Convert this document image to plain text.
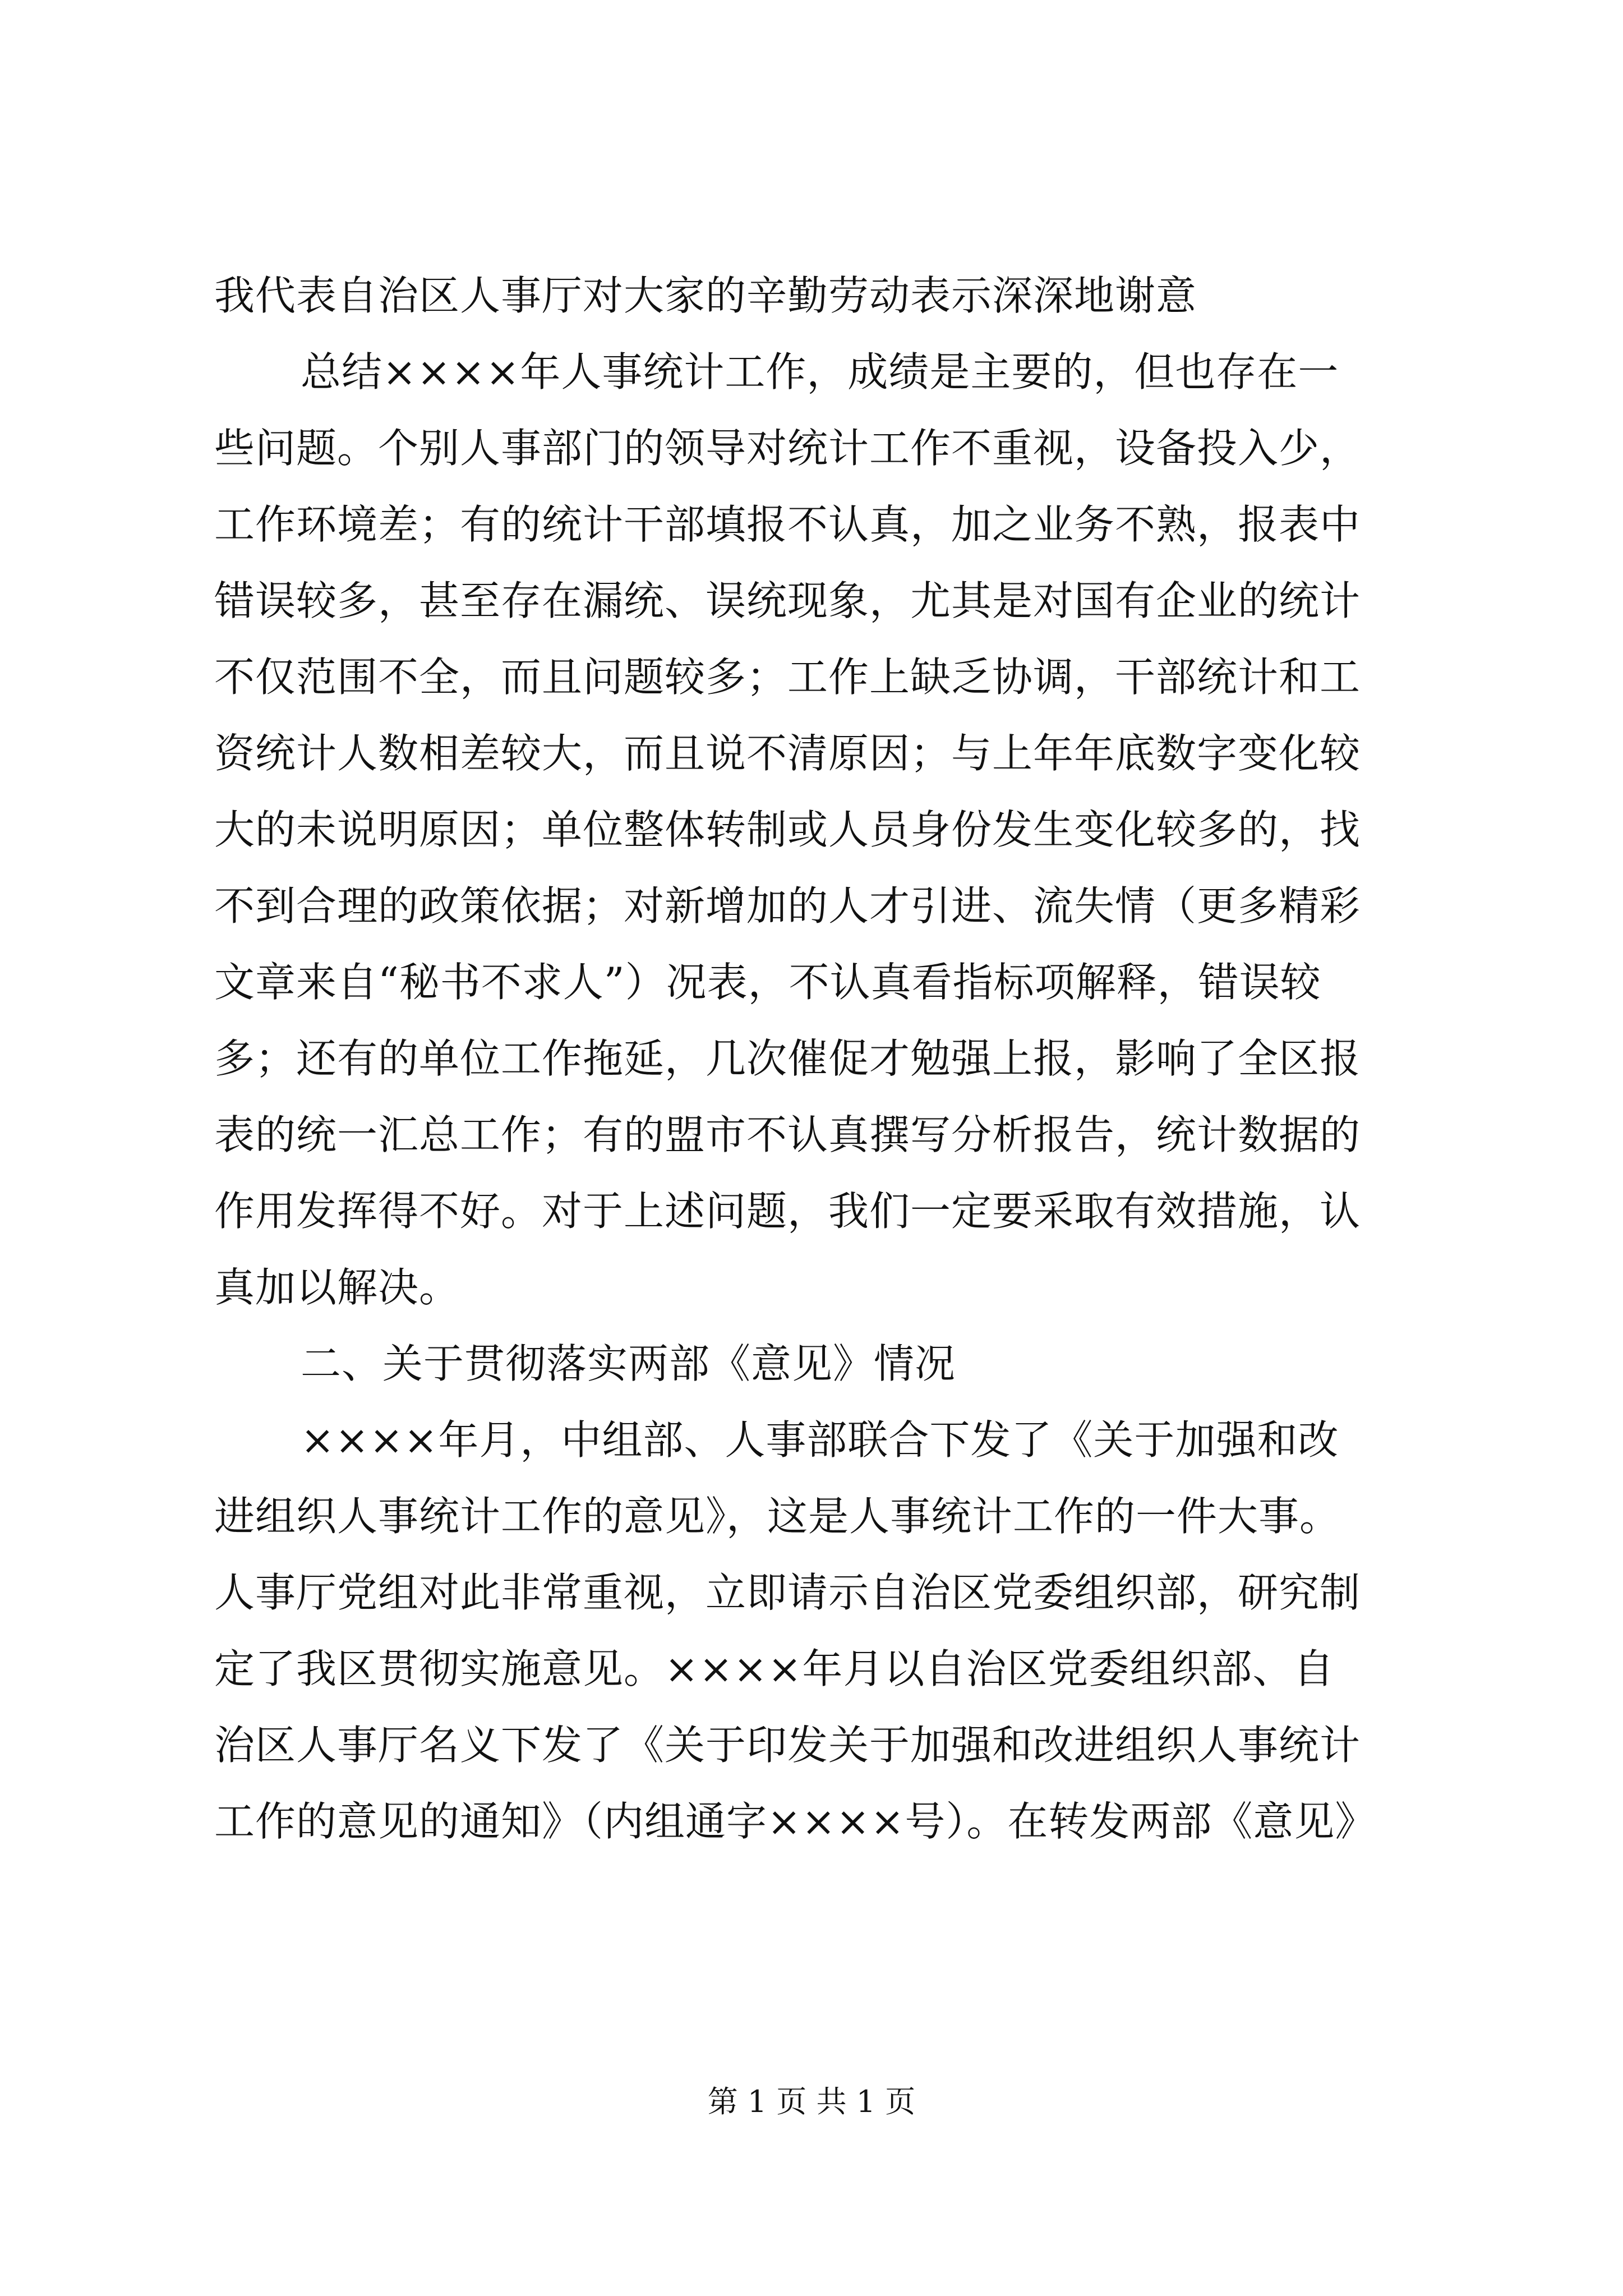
我代表自治区人事厅对大家的辛勤劳动表示深深地谢意
总结××××年人事统计工作，成绩是主要的，但也存在一
些问题。个别人事部门的领导对统计工作不重视，设备投入少，
工作环境差；有的统计干部填报不认真，加之业务不熟，报表中
错误较多，甚至存在漏统、误统现象，尤其是对国有企业的统计
不仅范围不全，而且问题较多；工作上缺乏协调，干部统计和工
资统计人数相差较大，而且说不清原因；与上年年底数字变化较
大的未说明原因；单位整体转制或人员身份发生变化较多的，找
不到合理的政策依据；对新增加的人才引进、流失情（更多精彩
文章来自“秘书不求人”）况表，不认真看指标项解释，错误较
多；还有的单位工作拖延，几次催促才勉强上报，影响了全区报
表的统一汇总工作；有的盟市不认真撰写分析报告，统计数据的
作用发挥得不好。对于上述问题，我们一定要采取有效措施，认
真加以解决。
二、关于贯彻落实两部《意见》情况
××××年月，中组部、人事部联合下发了《关于加强和改
进组织人事统计工作的意见》，这是人事统计工作的一件大事。
人事厅党组对此非常重视，立即请示自治区党委组织部，研究制
定了我区贯彻实施意见。××××年月以自治区党委组织部、自
治区人事厅名义下发了《关于印发关于加强和改进组织人事统计
工作的意见的通知》（内组通字××××号）。在转发两部《意见》
第 1 页 共 1 页
